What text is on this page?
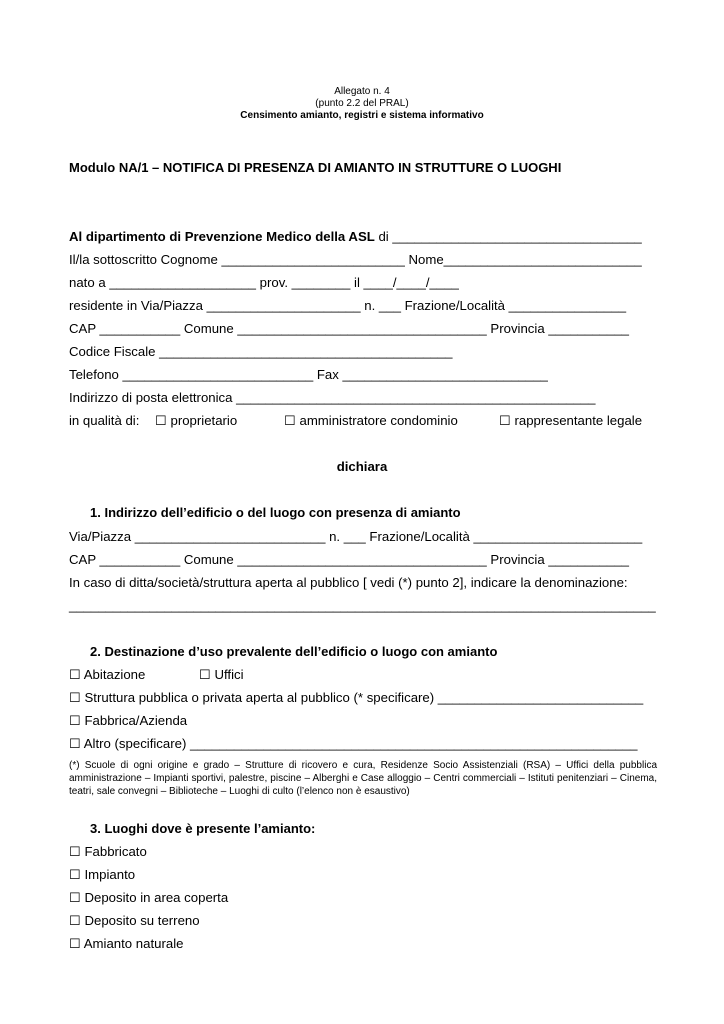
Allegato n. 4
(punto 2.2 del PRAL)
Censimento amianto, registri e sistema informativo
Modulo NA/1 – NOTIFICA DI PRESENZA DI AMIANTO IN STRUTTURE O LUOGHI
Al dipartimento di Prevenzione Medico della ASL di __________________________________
Il/la sottoscritto Cognome _________________________ Nome___________________________
nato a ____________________ prov. ________ il ____/____/____
residente in Via/Piazza _____________________ n. ___ Frazione/Località ________________
CAP ___________ Comune __________________________________ Provincia ___________
Codice Fiscale ________________________________________
Telefono __________________________ Fax ____________________________
Indirizzo di posta elettronica _________________________________________________
in qualità di: ☐ proprietario	☐ amministratore condominio	☐ rappresentante legale
dichiara
1. Indirizzo dell’edificio o del luogo con presenza di amianto
Via/Piazza __________________________ n. ___ Frazione/Località _______________________
CAP ___________ Comune __________________________________ Provincia ___________
In caso di ditta/società/struttura aperta al pubblico [ vedi (*) punto 2], indicare la denominazione:
________________________________________________________________________________
2. Destinazione d’uso prevalente dell’edificio o luogo con amianto
☐ Abitazione	☐ Uffici
☐ Struttura pubblica o privata aperta al pubblico (* specificare) ____________________________
☐ Fabbrica/Azienda
☐ Altro (specificare) _____________________________________________________________
(*) Scuole di ogni origine e grado – Strutture di ricovero e cura, Residenze Socio Assistenziali (RSA) – Uffici della pubblica amministrazione – Impianti sportivi, palestre, piscine – Alberghi e Case alloggio – Centri commerciali – Istituti penitenziari – Cinema, teatri, sale convegni – Biblioteche – Luoghi di culto (l’elenco non è esaustivo)
3. Luoghi dove è presente l’amianto:
☐ Fabbricato
☐ Impianto
☐ Deposito in area coperta
☐ Deposito su terreno
☐ Amianto naturale
